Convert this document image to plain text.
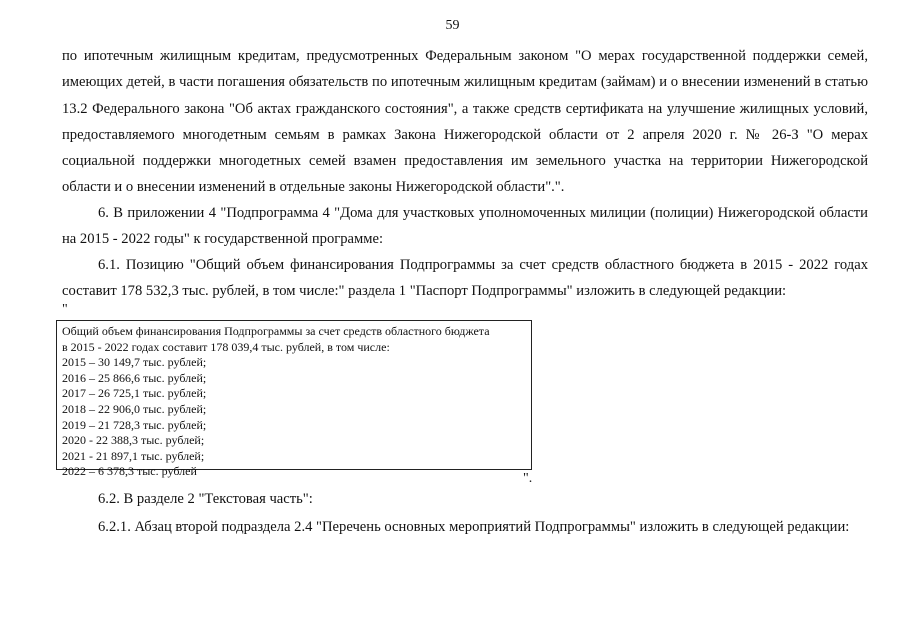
59

по ипотечным жилищным кредитам, предусмотренных Федеральным законом "О мерах государственной поддержки семей, имеющих детей, в части погашения обязательств по ипотечным жилищным кредитам (займам) и о внесении изменений в статью 13.2 Федерального закона "Об актах гражданского состояния", а также средств сертификата на улучшение жилищных условий, предоставляемого многодетным семьям в рамках Закона Нижегородской области от 2 апреля 2020 г. № 26-З "О мерах социальной поддержки многодетных семей взамен предоставления им земельного участка на территории Нижегородской области и о внесении изменений в отдельные законы Нижегородской области".".

6. В приложении 4 "Подпрограмма 4 "Дома для участковых уполномоченных милиции (полиции) Нижегородской области на 2015 - 2022 годы" к государственной программе:

6.1. Позицию "Общий объем финансирования Подпрограммы за счет средств областного бюджета в 2015 - 2022 годах составит 178 532,3 тыс. рублей, в том числе:" раздела 1 "Паспорт Подпрограммы" изложить в следующей редакции:

"
Общий объем финансирования Подпрограммы за счет средств областного бюджета
в 2015 - 2022 годах составит 178 039,4 тыс. рублей, в том числе:
2015 – 30 149,7 тыс. рублей;
2016 – 25 866,6 тыс. рублей;
2017 – 26 725,1 тыс. рублей;
2018 – 22 906,0 тыс. рублей;
2019 – 21 728,3 тыс. рублей;
2020 - 22 388,3 тыс. рублей;
2021 - 21 897,1 тыс. рублей;
2022 – 6 378,3 тыс. рублей	".

6.2. В разделе 2 "Текстовая часть":

6.2.1. Абзац второй подраздела 2.4 "Перечень основных мероприятий Подпрограммы" изложить в следующей редакции:
